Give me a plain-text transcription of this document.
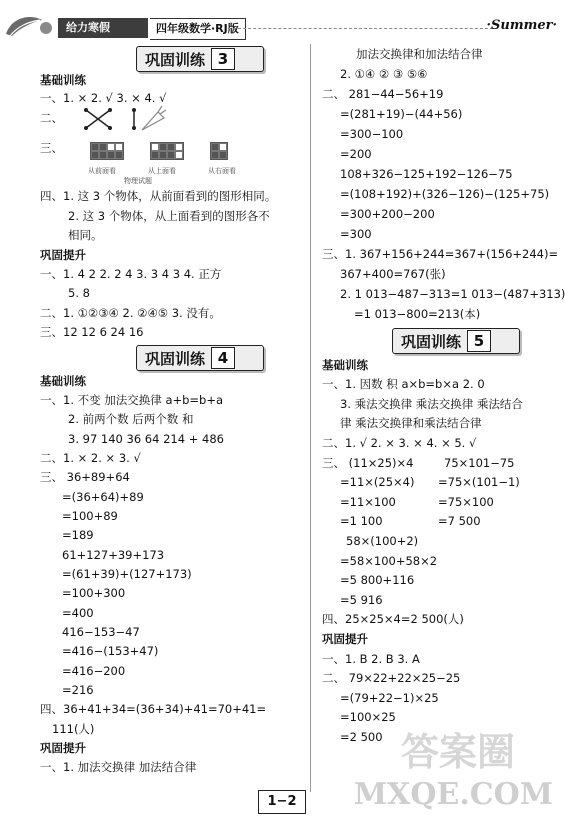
给力寒假	四年级数学·RJ版	·Summer·
巩固训练 3
基础训练
一、1. × 2. √ 3. × 4. √
二、
三、
从前面看	从上面看	从右面看
物理试题
四、1. 这 3 个物体，从前面看到的图形相同。
2. 这 3 个物体，从上面看到的图形各不
相同。
巩固提升
一、1. 4 2 2. 2 4 3. 3 4 3 4. 正方
5. 8
二、1. ①②③④ 2. ②④⑤ 3. 没有。
三、12 12 6 24 16
巩固训练 4
基础训练
一、1. 不变 加法交换律 a+b=b+a
2. 前两个数 后两个数 和
3. 97 140 36 64 214 + 486
二、1. × 2. × 3. √
三、 36+89+64
=(36+64)+89
=100+89
=189
61+127+39+173
=(61+39)+(127+173)
=100+300
=400
416−153−47
=416−(153+47)
=416−200
=216
四、36+41+34=(36+34)+41=70+41=
111(人)
巩固提升
一、1. 加法交换律 加法结合律
加法交换律和加法结合律
2. ①④ ② ③ ⑤⑥
二、 281−44−56+19
=(281+19)−(44+56)
=300−100
=200
108+326−125+192−126−75
=(108+192)+(326−126)−(125+75)
=300+200−200
=300
三、1. 367+156+244=367+(156+244)=
367+400=767(张)
2. 1 013−487−313=1 013−(487+313)
=1 013−800=213(本)
巩固训练 5
基础训练
一、1. 因数 积 a×b=b×a 2. 0
3. 乘法交换律 乘法交换律 乘法结合
律 乘法交换律和乘法结合律
二、1. √ 2. × 3. × 4. × 5. √
三、 (11×25)×4	75×101−75
=11×(25×4) =75×(101−1)
=11×100	=75×100
=1 100	=7 500
58×(100+2)
=58×100+58×2
=5 800+116
=5 916
四、25×25×4=2 500(人)
巩固提升
一、1. B 2. B 3. A
二、 79×22+22×25−25
=(79+22−1)×25
=100×25
=2 500 答案圈
MXQE.COM
1−2
